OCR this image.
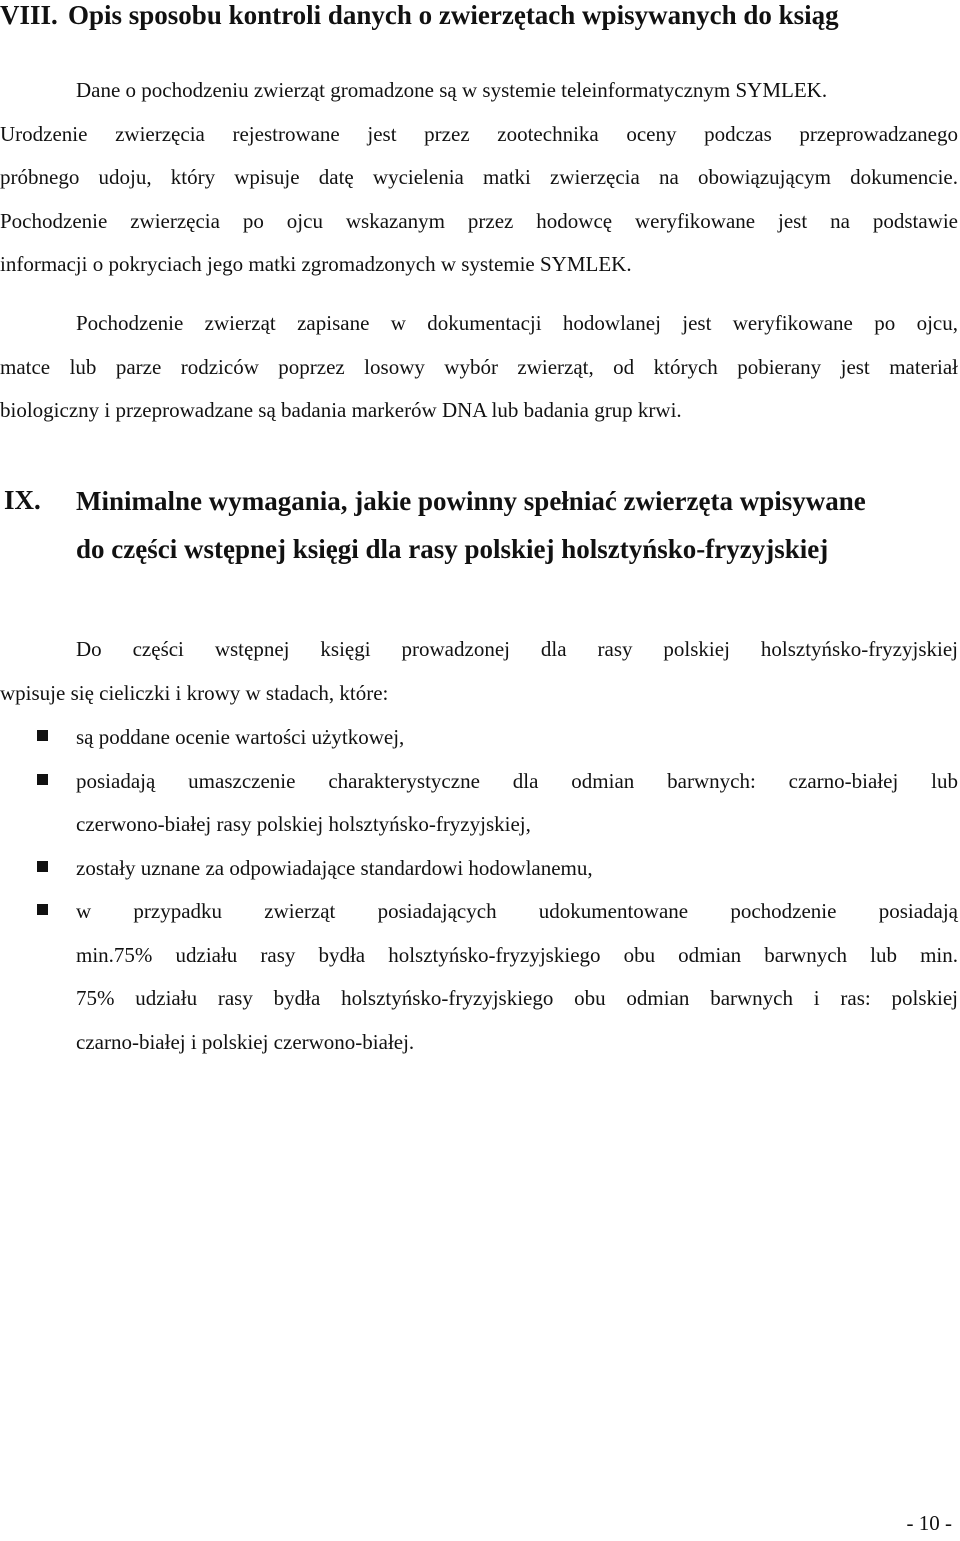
VIII. Opis sposobu kontroli danych o zwierzętach wpisywanych do ksiąg
Dane o pochodzeniu zwierząt gromadzone są w systemie teleinformatycznym SYMLEK.
Urodzenie zwierzęcia rejestrowane jest przez zootechnika oceny podczas przeprowadzanego
próbnego udoju, który wpisuje datę wycielenia matki zwierzęcia na obowiązującym dokumencie.
Pochodzenie zwierzęcia po ojcu wskazanym przez hodowcę weryfikowane jest na podstawie
informacji o pokryciach jego matki zgromadzonych w systemie SYMLEK.
Pochodzenie zwierząt zapisane w dokumentacji hodowlanej jest weryfikowane po ojcu,
matce lub parze rodziców poprzez losowy wybór zwierząt, od których pobierany jest materiał
biologiczny i przeprowadzane są badania markerów DNA lub badania grup krwi.
IX. Minimalne wymagania, jakie powinny spełniać zwierzęta wpisywane
do części wstępnej księgi dla rasy polskiej holsztyńsko-fryzyjskiej
Do części wstępnej księgi prowadzonej dla rasy polskiej holsztyńsko-fryzyjskiej
wpisuje się cieliczki i krowy w stadach, które:
są poddane ocenie wartości użytkowej,
posiadają umaszczenie charakterystyczne dla odmian barwnych: czarno-białej lub
czerwono-białej rasy polskiej holsztyńsko-fryzyjskiej,
zostały uznane za odpowiadające standardowi hodowlanemu,
w przypadku zwierząt posiadających udokumentowane pochodzenie posiadają
min.75% udziału rasy bydła holsztyńsko-fryzyjskiego obu odmian barwnych lub min.
75% udziału rasy bydła holsztyńsko-fryzyjskiego obu odmian barwnych i ras: polskiej
czarno-białej i polskiej czerwono-białej.
- 10 -
